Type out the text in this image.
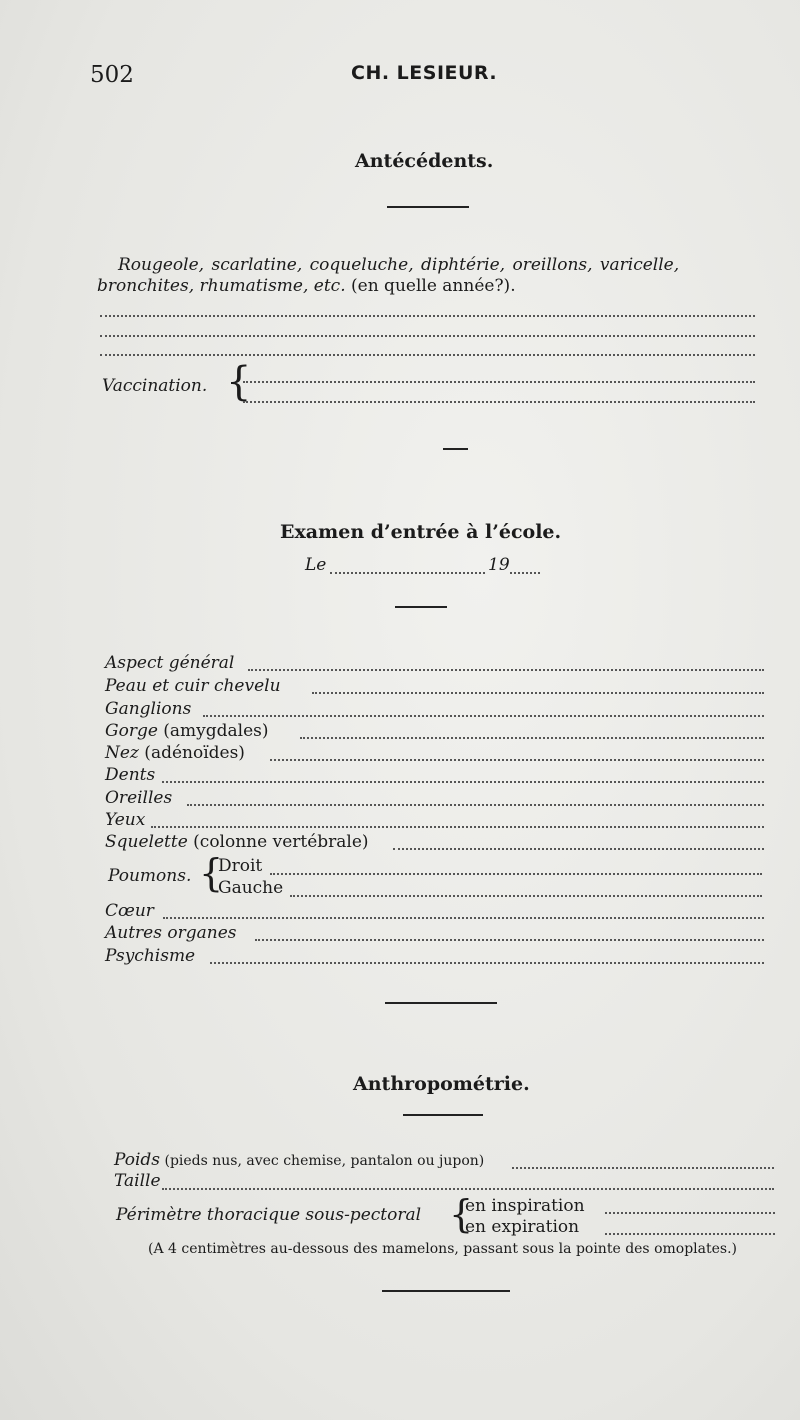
502	CH. LESIEUR.
Antécédents.
Rougeole, scarlatine, coqueluche, diphtérie, oreillons, varicelle,
bronchites, rhumatisme, etc. (en quelle année?).
Vaccination. {
Examen d’entrée à l’école.
Le	19
Aspect général
Peau et cuir chevelu
Ganglions
Gorge (amygdales)
Nez (adénoïdes)
Dents
Oreilles
Yeux
Squelette (colonne vertébrale)
Poumons. {
Droit
Gauche
Cœur
Autres organes
Psychisme
Anthropométrie.
Poids (pieds nus, avec chemise, pantalon ou jupon)
Taille
Périmètre thoracique sous-pectoral {
en inspiration
en expiration
(A 4 centimètres au-dessous des mamelons, passant sous la pointe des omoplates.)
